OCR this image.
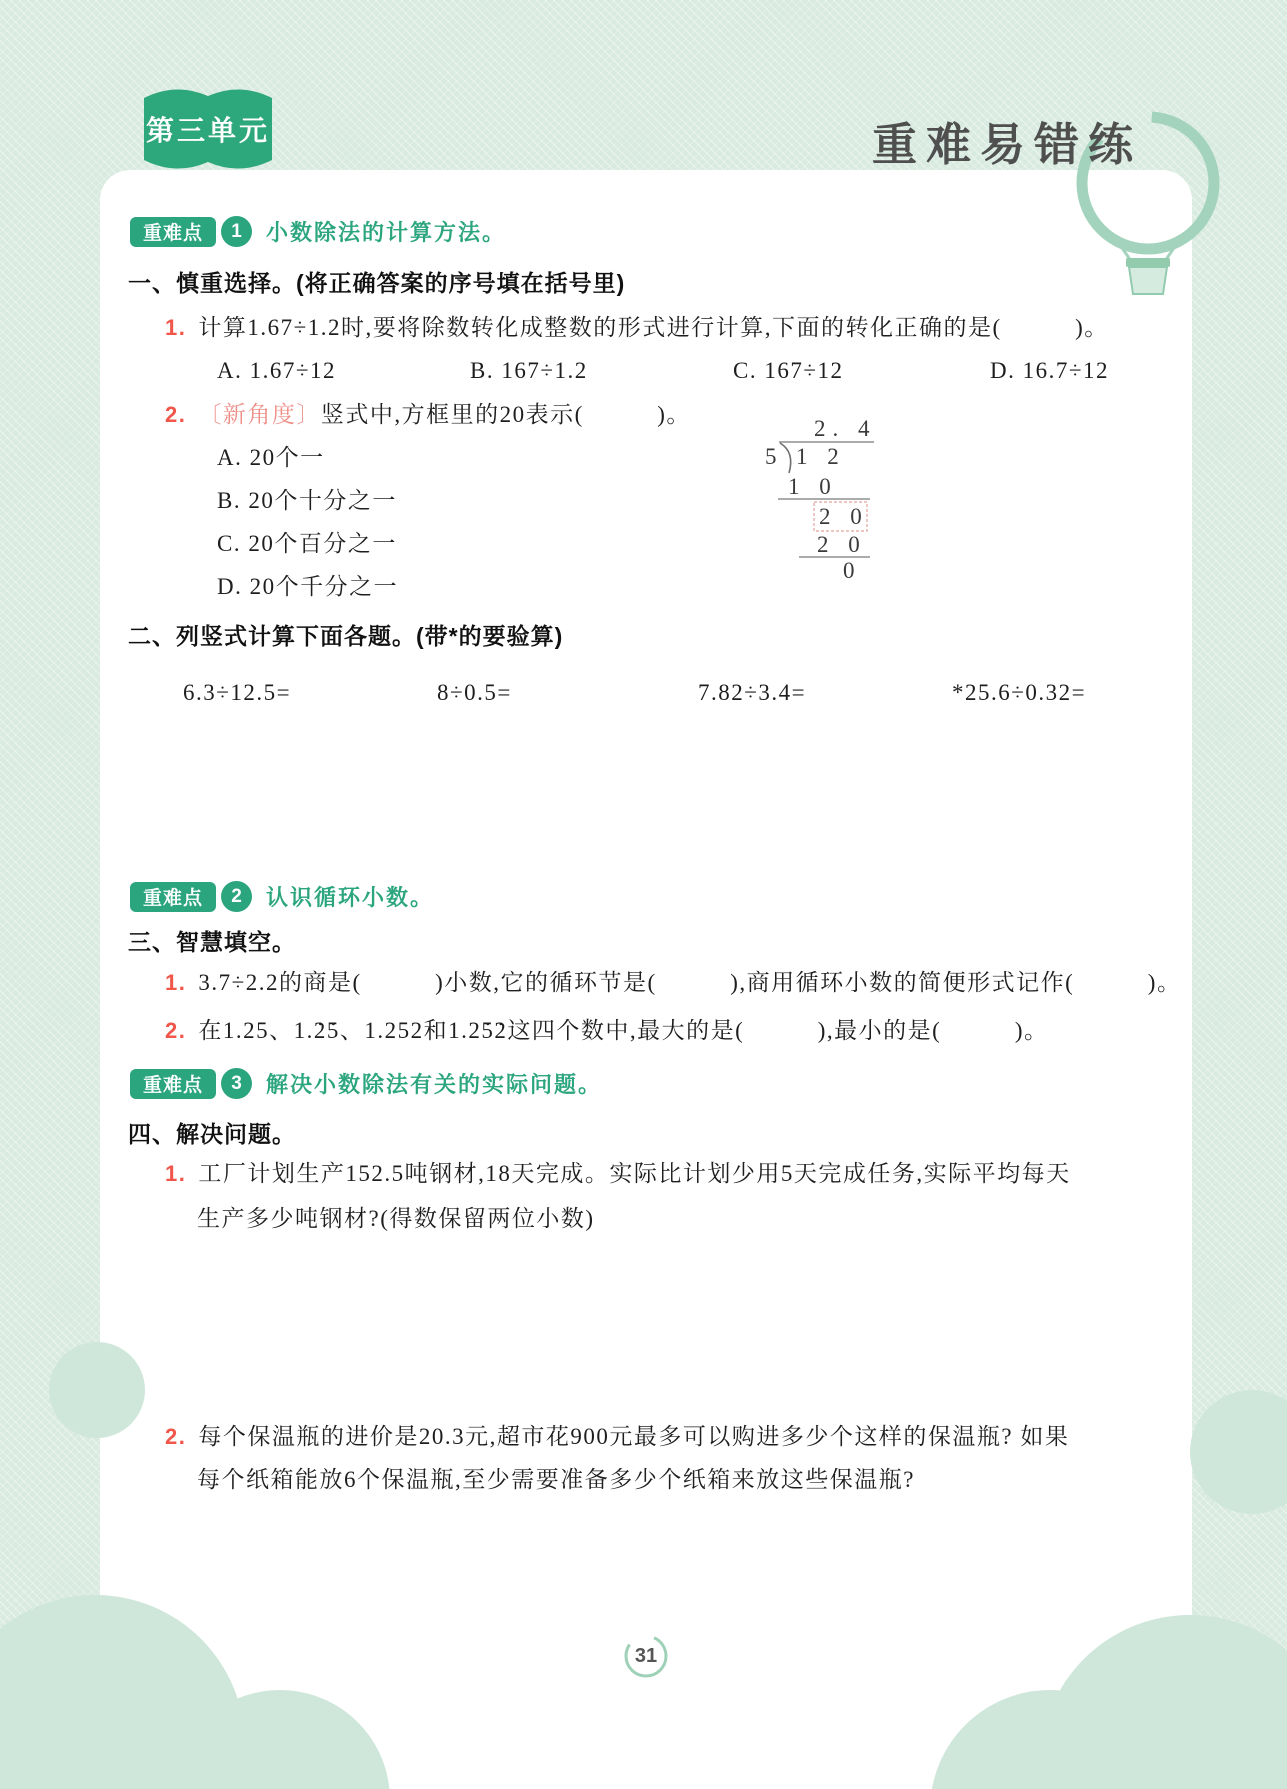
第三单元	重难易错练
重难点	1	小数除法的计算方法。
一、慎重选择。(将正确答案的序号填在括号里)
1. 计算1.67÷1.2时,要将除数转化成整数的形式进行计算,下面的转化正确的是(　　　)。
A. 1.67÷12	B. 167÷1.2	C. 167÷12	D. 16.7÷12
2. 〔新角度〕竖式中,方框里的20表示(　　　)。
A. 20个一
B. 20个十分之一
C. 20个百分之一
D. 20个千分之一
2. 4
5 1 2
1 0
2 0
2 0
0
二、列竖式计算下面各题。(带*的要验算)
6.3÷12.5=	8÷0.5=	7.82÷3.4=	*25.6÷0.32=
重难点	2	认识循环小数。
三、智慧填空。
1. 3.7÷2.2的商是(　　　)小数,它的循环节是(　　　),商用循环小数的简便形式记作(　　　)。
2. 在1.25、1.2 •5 •、1.252和1.25 •2 •这四个数中,最大的是(　　　),最小的是(　　　)。
重难点	3	解决小数除法有关的实际问题。
四、解决问题。
1. 工厂计划生产152.5吨钢材,18天完成。实际比计划少用5天完成任务,实际平均每天
生产多少吨钢材?(得数保留两位小数)
2. 每个保温瓶的进价是20.3元,超市花900元最多可以购进多少个这样的保温瓶? 如果
每个纸箱能放6个保温瓶,至少需要准备多少个纸箱来放这些保温瓶?
31
